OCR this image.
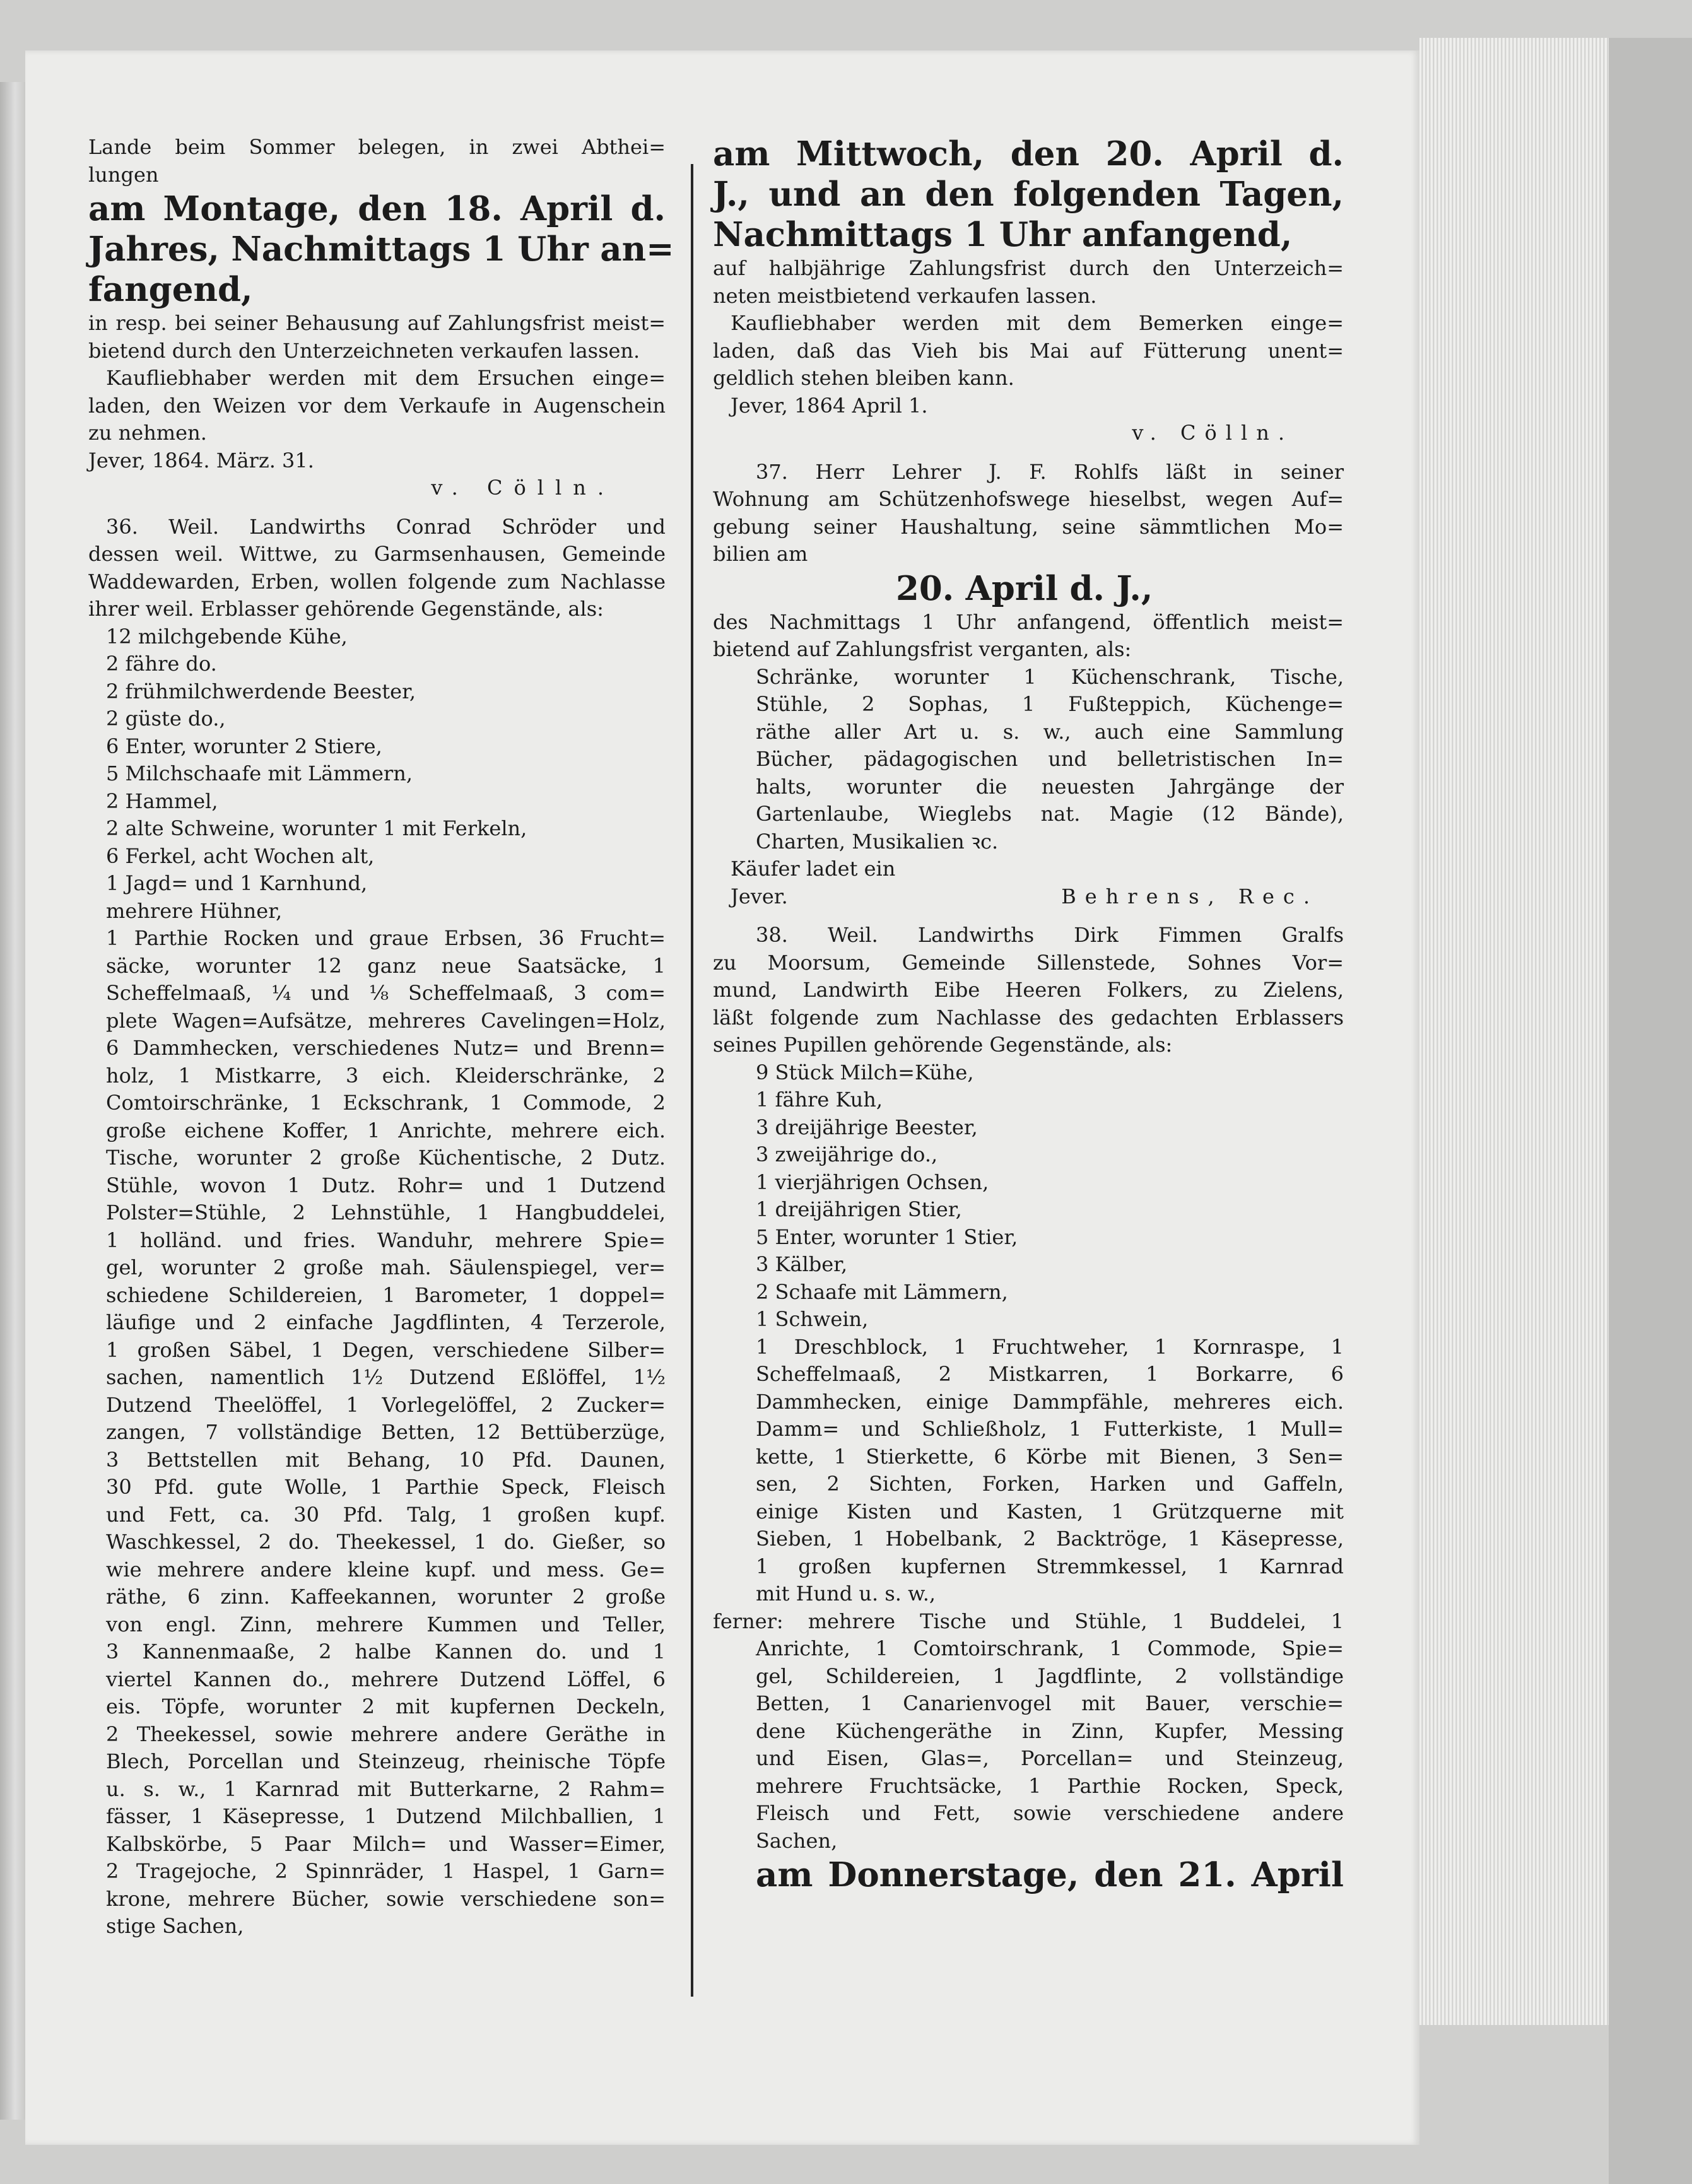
Lande beim Sommer belegen, in zwei Abthei=
lungen
am Montage, den 18. April d.
Jahres, Nachmittags 1 Uhr an=
fangend,
in resp. bei seiner Behausung auf Zahlungsfrist meist=
bietend durch den Unterzeichneten verkaufen lassen.
Kaufliebhaber werden mit dem Ersuchen einge=
laden, den Weizen vor dem Verkaufe in Augenschein
zu nehmen.
Jever, 1864. März. 31.
v. Cölln.
36. Weil. Landwirths Conrad Schröder und
dessen weil. Wittwe, zu Garmsenhausen, Gemeinde
Waddewarden, Erben, wollen folgende zum Nachlasse
ihrer weil. Erblasser gehörende Gegenstände, als:
12 milchgebende Kühe,
2 fähre do.
2 frühmilchwerdende Beester,
2 güste do.,
6 Enter, worunter 2 Stiere,
5 Milchschaafe mit Lämmern,
2 Hammel,
2 alte Schweine, worunter 1 mit Ferkeln,
6 Ferkel, acht Wochen alt,
1 Jagd= und 1 Karnhund,
mehrere Hühner,
1 Parthie Rocken und graue Erbsen, 36 Frucht=
säcke, worunter 12 ganz neue Saatsäcke, 1
Scheffelmaaß, ¼ und ⅛ Scheffelmaaß, 3 com=
plete Wagen=Aufsätze, mehreres Cavelingen=Holz,
6 Dammhecken, verschiedenes Nutz= und Brenn=
holz, 1 Mistkarre, 3 eich. Kleiderschränke, 2
Comtoirschränke, 1 Eckschrank, 1 Commode, 2
große eichene Koffer, 1 Anrichte, mehrere eich.
Tische, worunter 2 große Küchentische, 2 Dutz.
Stühle, wovon 1 Dutz. Rohr= und 1 Dutzend
Polster=Stühle, 2 Lehnstühle, 1 Hangbuddelei,
1 holländ. und fries. Wanduhr, mehrere Spie=
gel, worunter 2 große mah. Säulenspiegel, ver=
schiedene Schildereien, 1 Barometer, 1 doppel=
läufige und 2 einfache Jagdflinten, 4 Terzerole,
1 großen Säbel, 1 Degen, verschiedene Silber=
sachen, namentlich 1½ Dutzend Eßlöffel, 1½
Dutzend Theelöffel, 1 Vorlegelöffel, 2 Zucker=
zangen, 7 vollständige Betten, 12 Bettüberzüge,
3 Bettstellen mit Behang, 10 Pfd. Daunen,
30 Pfd. gute Wolle, 1 Parthie Speck, Fleisch
und Fett, ca. 30 Pfd. Talg, 1 großen kupf.
Waschkessel, 2 do. Theekessel, 1 do. Gießer, so
wie mehrere andere kleine kupf. und mess. Ge=
räthe, 6 zinn. Kaffeekannen, worunter 2 große
von engl. Zinn, mehrere Kummen und Teller,
3 Kannenmaaße, 2 halbe Kannen do. und 1
viertel Kannen do., mehrere Dutzend Löffel, 6
eis. Töpfe, worunter 2 mit kupfernen Deckeln,
2 Theekessel, sowie mehrere andere Geräthe in
Blech, Porcellan und Steinzeug, rheinische Töpfe
u. s. w., 1 Karnrad mit Butterkarne, 2 Rahm=
fässer, 1 Käsepresse, 1 Dutzend Milchballien, 1
Kalbskörbe, 5 Paar Milch= und Wasser=Eimer,
2 Tragejoche, 2 Spinnräder, 1 Haspel, 1 Garn=
krone, mehrere Bücher, sowie verschiedene son=
stige Sachen,
am Mittwoch, den 20. April d.
J., und an den folgenden Tagen,
Nachmittags 1 Uhr anfangend,
auf halbjährige Zahlungsfrist durch den Unterzeich=
neten meistbietend verkaufen lassen.
Kaufliebhaber werden mit dem Bemerken einge=
laden, daß das Vieh bis Mai auf Fütterung unent=
geldlich stehen bleiben kann.
Jever, 1864 April 1.
v. Cölln.
37. Herr Lehrer J. F. Rohlfs läßt in seiner
Wohnung am Schützenhofswege hieselbst, wegen Auf=
gebung seiner Haushaltung, seine sämmtlichen Mo=
bilien am
20. April d. J.,
des Nachmittags 1 Uhr anfangend, öffentlich meist=
bietend auf Zahlungsfrist verganten, als:
Schränke, worunter 1 Küchenschrank, Tische,
Stühle, 2 Sophas, 1 Fußteppich, Küchenge=
räthe aller Art u. s. w., auch eine Sammlung
Bücher, pädagogischen und belletristischen In=
halts, worunter die neuesten Jahrgänge der
Gartenlaube, Wieglebs nat. Magie (12 Bände),
Charten, Musikalien ꝛc.
Käufer ladet ein
Jever.	Behrens, Rec.
38. Weil. Landwirths Dirk Fimmen Gralfs
zu Moorsum, Gemeinde Sillenstede, Sohnes Vor=
mund, Landwirth Eibe Heeren Folkers, zu Zielens,
läßt folgende zum Nachlasse des gedachten Erblassers
seines Pupillen gehörende Gegenstände, als:
9 Stück Milch=Kühe,
1 fähre Kuh,
3 dreijährige Beester,
3 zweijährige do.,
1 vierjährigen Ochsen,
1 dreijährigen Stier,
5 Enter, worunter 1 Stier,
3 Kälber,
2 Schaafe mit Lämmern,
1 Schwein,
1 Dreschblock, 1 Fruchtweher, 1 Kornraspe, 1
Scheffelmaaß, 2 Mistkarren, 1 Borkarre, 6
Dammhecken, einige Dammpfähle, mehreres eich.
Damm= und Schließholz, 1 Futterkiste, 1 Mull=
kette, 1 Stierkette, 6 Körbe mit Bienen, 3 Sen=
sen, 2 Sichten, Forken, Harken und Gaffeln,
einige Kisten und Kasten, 1 Grützquerne mit
Sieben, 1 Hobelbank, 2 Backtröge, 1 Käsepresse,
1 großen kupfernen Stremmkessel, 1 Karnrad
mit Hund u. s. w.,
ferner: mehrere Tische und Stühle, 1 Buddelei, 1
Anrichte, 1 Comtoirschrank, 1 Commode, Spie=
gel, Schildereien, 1 Jagdflinte, 2 vollständige
Betten, 1 Canarienvogel mit Bauer, verschie=
dene Küchengeräthe in Zinn, Kupfer, Messing
und Eisen, Glas=, Porcellan= und Steinzeug,
mehrere Fruchtsäcke, 1 Parthie Rocken, Speck,
Fleisch und Fett, sowie verschiedene andere
Sachen,
am Donnerstage, den 21. April
